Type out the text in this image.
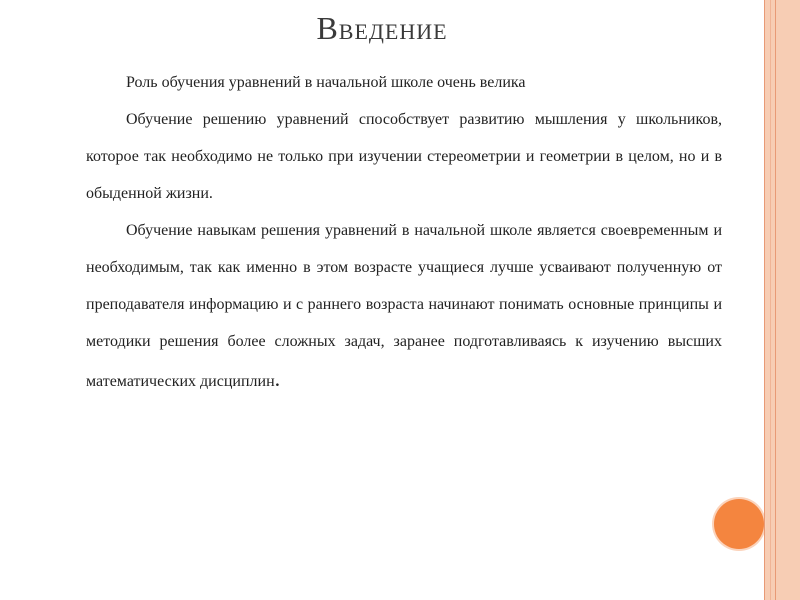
Введение

Роль обучения уравнений в начальной школе очень велика

Обучение решению уравнений способствует развитию мышления у школьников, которое так необходимо не только при изучении стереометрии и геометрии в целом, но и в обыденной жизни.

Обучение навыкам решения уравнений в начальной школе является своевременным и необходимым, так как именно в этом возрасте учащиеся лучше усваивают полученную от преподавателя информацию и с раннего возраста начинают понимать основные принципы и методики решения более сложных задач, заранее подготавливаясь к изучению высших математических дисциплин.
